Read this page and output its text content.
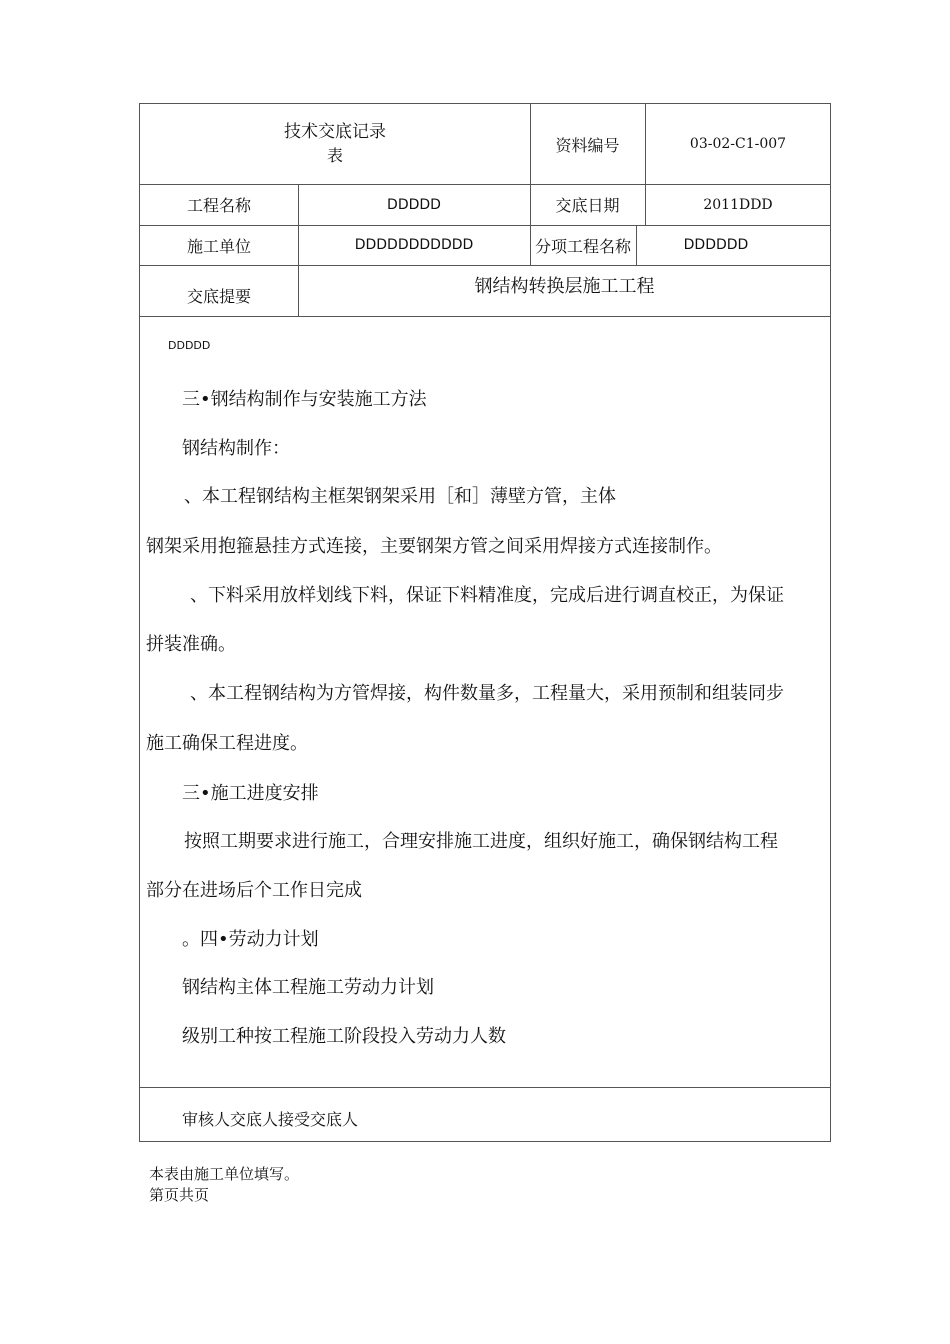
技术交底记录
表
资料编号	03-02-C1-007
工程名称	DDDDD	交底日期	2011DDD
施工单位	DDDDDDDDDDD	分项工程名称	DDDDDD
交底提要	钢结构转换层施工工程
DDDDD
三•钢结构制作与安装施工方法
钢结构制作：
、本工程钢结构主框架钢架采用［和］薄壁方管，主体
钢架采用抱箍悬挂方式连接，主要钢架方管之间采用焊接方式连接制作。
、下料采用放样划线下料，保证下料精准度，完成后进行调直校正，为保证
拼装准确。
、本工程钢结构为方管焊接，构件数量多，工程量大，采用预制和组装同步
施工确保工程进度。
三•施工进度安排
按照工期要求进行施工，合理安排施工进度，组织好施工，确保钢结构工程
部分在进场后个工作日完成
。四•劳动力计划
钢结构主体工程施工劳动力计划
级别工种按工程施工阶段投入劳动力人数
审核人交底人接受交底人
本表由施工单位填写。
第页共页
